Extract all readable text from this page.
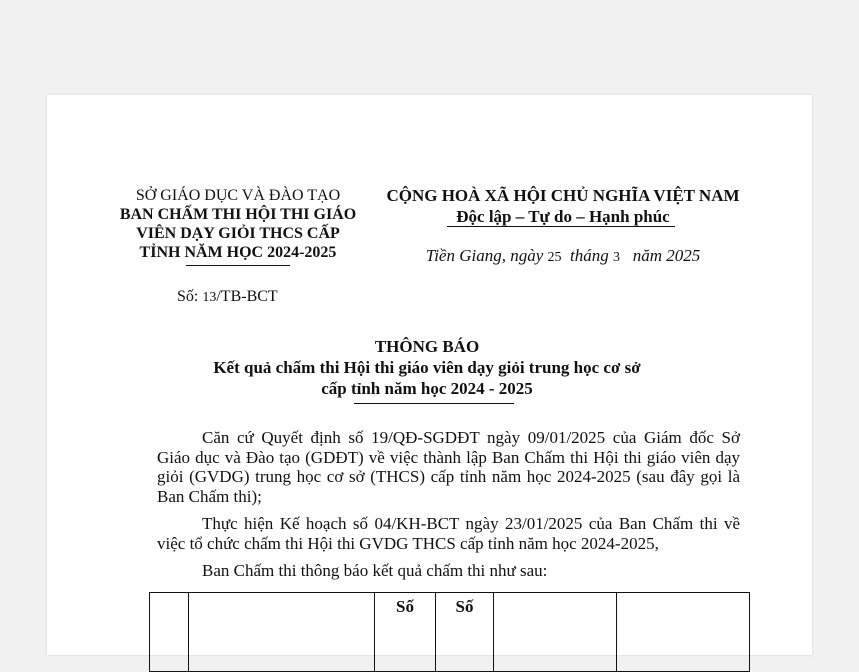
SỞ GIÁO DỤC VÀ ĐÀO TẠO
BAN CHẤM THI HỘI THI GIÁO
VIÊN DẠY GIỎI THCS CẤP
TỈNH NĂM HỌC 2024-2025
Số: 13/TB-BCT
CỘNG HOÀ XÃ HỘI CHỦ NGHĨA VIỆT NAM
Độc lập – Tự do – Hạnh phúc
Tiền Giang, ngày 25 tháng 3 năm 2025
THÔNG BÁO
Kết quả chấm thi Hội thi giáo viên dạy giỏi trung học cơ sở
cấp tỉnh năm học 2024 - 2025

Căn cứ Quyết định số 19/QĐ-SGDĐT ngày 09/01/2025 của Giám đốc Sở Giáo dục và Đào tạo (GDĐT) về việc thành lập Ban Chấm thi Hội thi giáo viên dạy giỏi (GVDG) trung học cơ sở (THCS) cấp tỉnh năm học 2024-2025 (sau đây gọi là Ban Chấm thi);

Thực hiện Kế hoạch số 04/KH-BCT ngày 23/01/2025 của Ban Chấm thi về việc tổ chức chấm thi Hội thi GVDG THCS cấp tỉnh năm học 2024-2025,

Ban Chấm thi thông báo kết quả chấm thi như sau:

		Số	Số		
